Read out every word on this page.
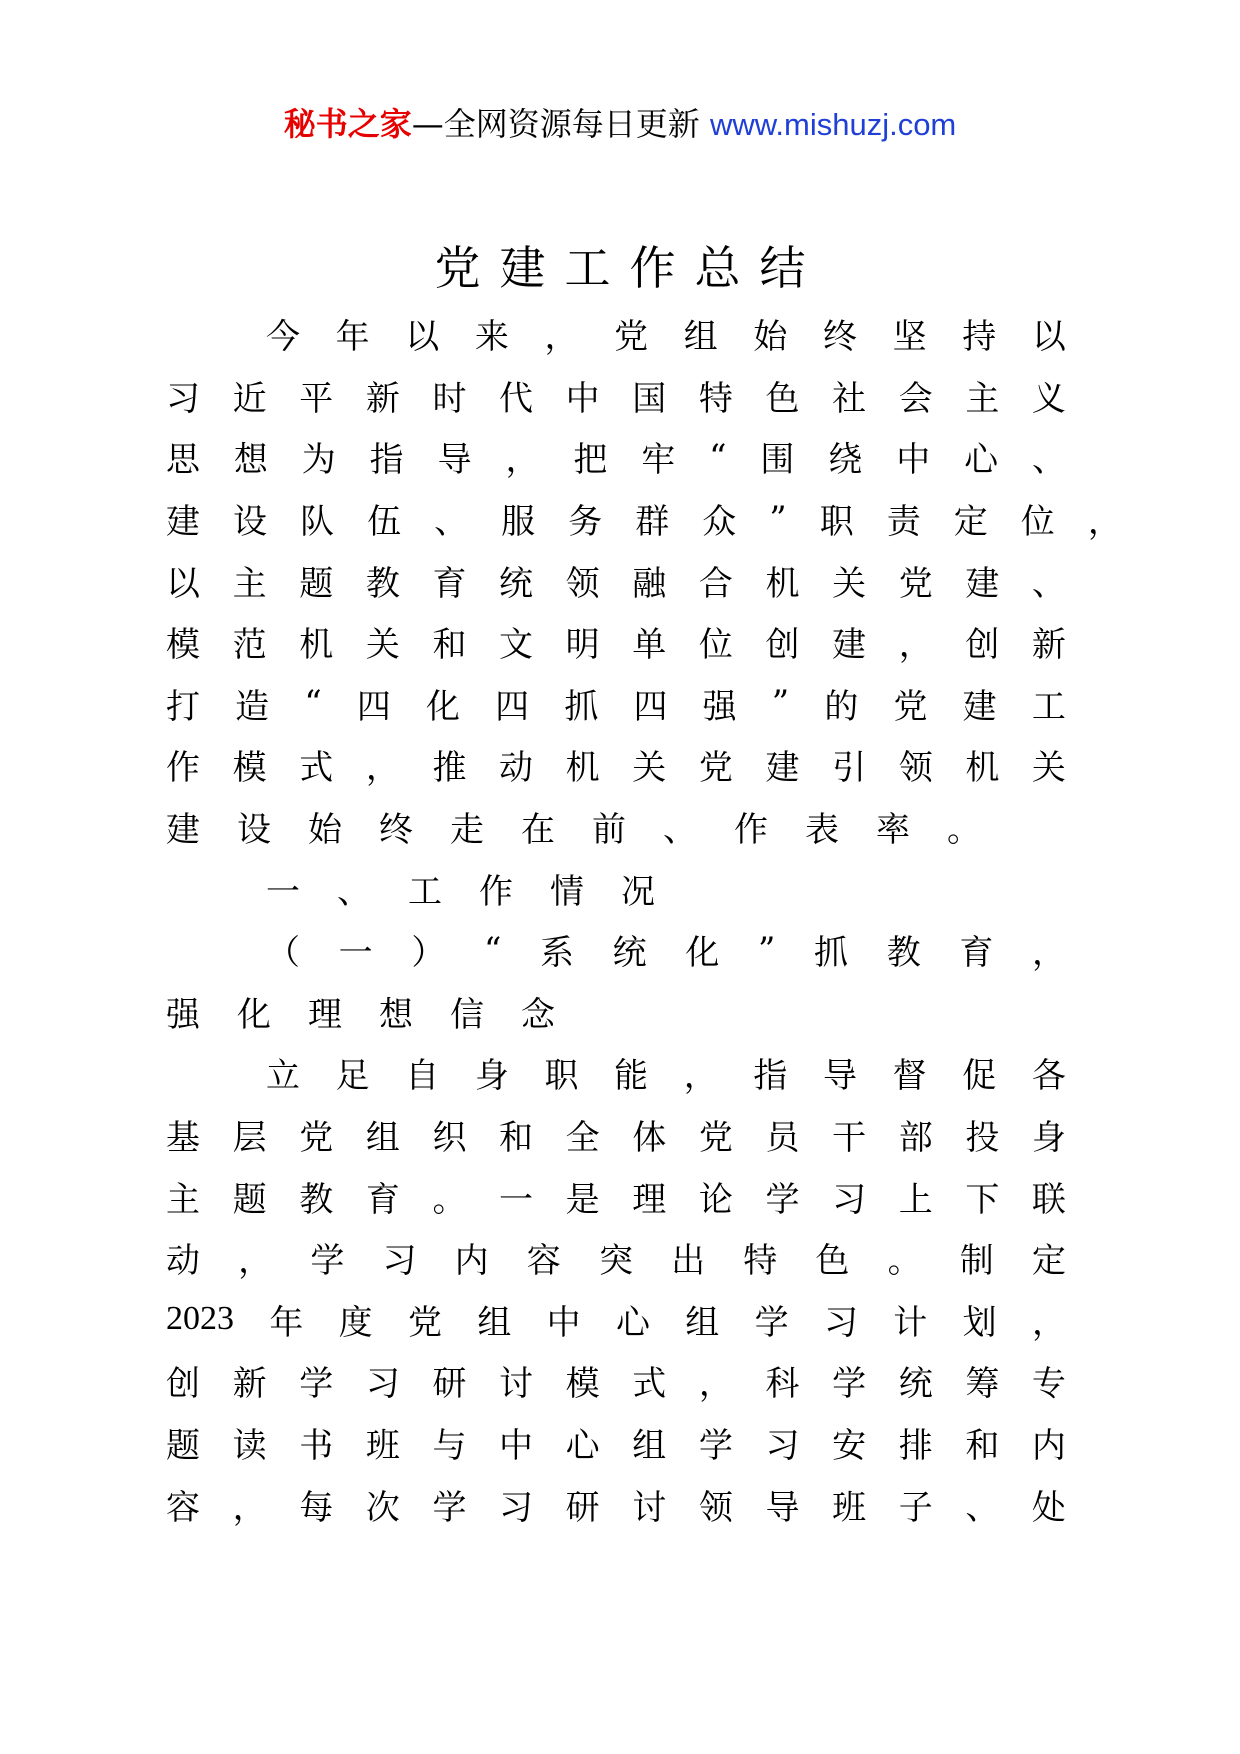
秘书之家—全网资源每日更新 www.mishuzj.com
党建工作总结
今 年 以 来 ， 党 组 始 终 坚 持 以
习 近 平 新 时 代 中 国 特 色 社 会 主 义
思 想 为 指 导 ， 把 牢 “ 围 绕 中 心 、
建 设 队 伍 、 服 务 群 众 ” 职 责 定 位 ，
以 主 题 教 育 统 领 融 合 机 关 党 建 、
模 范 机 关 和 文 明 单 位 创 建 ， 创 新
打 造 “ 四 化 四 抓 四 强 ” 的 党 建 工
作 模 式 ， 推 动 机 关 党 建 引 领 机 关
建 设 始 终 走 在 前 、 作 表 率 。
一 、 工 作 情 况
（ 一 ） “ 系 统 化 ” 抓 教 育 ，
强 化 理 想 信 念
立 足 自 身 职 能 ， 指 导 督 促 各
基 层 党 组 织 和 全 体 党 员 干 部 投 身
主 题 教 育 。 一 是 理 论 学 习 上 下 联
动 ， 学 习 内 容 突 出 特 色 。 制 定
2023 年 度 党 组 中 心 组 学 习 计 划 ，
创 新 学 习 研 讨 模 式 ， 科 学 统 筹 专
题 读 书 班 与 中 心 组 学 习 安 排 和 内
容 ， 每 次 学 习 研 讨 领 导 班 子 、 处
